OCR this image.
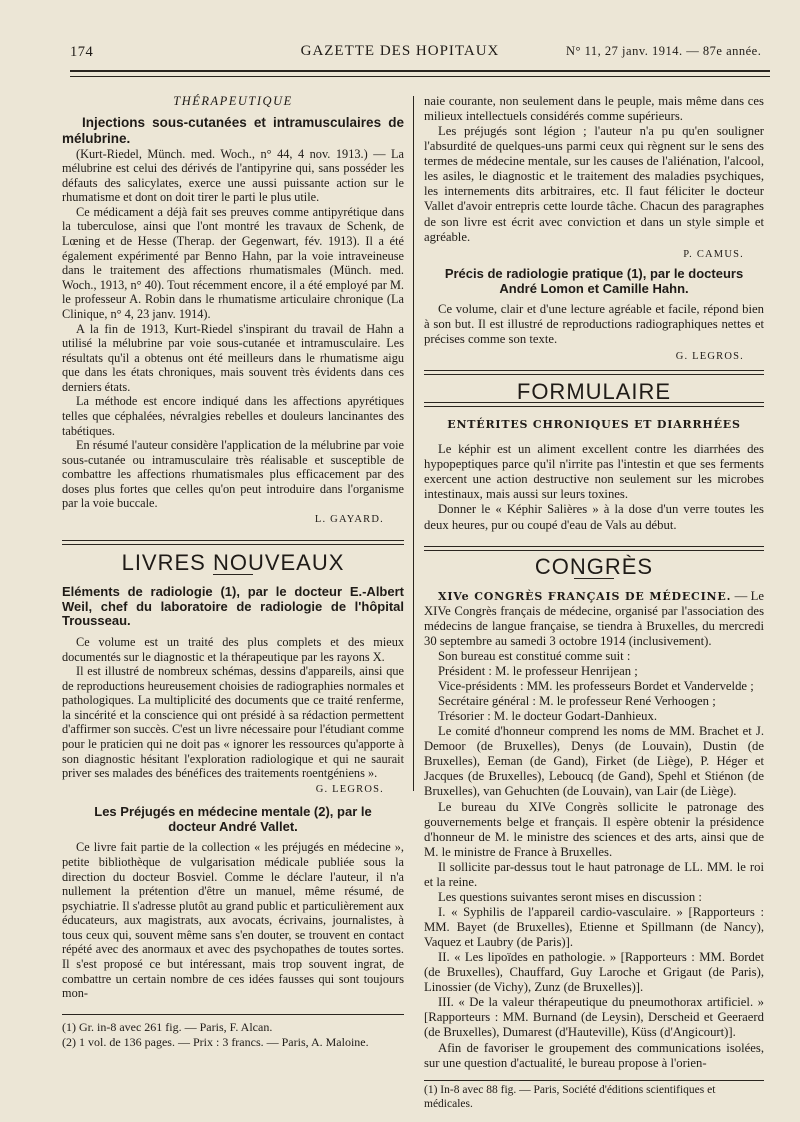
174	GAZETTE DES HOPITAUX	N° 11, 27 janv. 1914. — 87e année.
THÉRAPEUTIQUE

Injections sous-cutanées et intramusculaires de mélubrine.

(Kurt-Riedel, Münch. med. Woch., n° 44, 4 nov. 1913.) — La mélubrine est celui des dérivés de l'antipyrine qui, sans posséder les défauts des salicylates, exerce une aussi puissante action sur le rhumatisme et dont on doit tirer le parti le plus utile.

Ce médicament a déjà fait ses preuves comme antipyrétique dans la tuberculose, ainsi que l'ont montré les travaux de Schenk, de Lœning et de Hesse (Therap. der Gegenwart, fév. 1913). Il a été également expérimenté par Benno Hahn, par la voie intraveineuse dans le traitement des affections rhumatismales (Münch. med. Woch., 1913, n° 40). Tout récemment encore, il a été employé par M. le professeur A. Robin dans le rhumatisme articulaire chronique (La Clinique, n° 4, 23 janv. 1914).

A la fin de 1913, Kurt-Riedel s'inspirant du travail de Hahn a utilisé la mélubrine par voie sous-cutanée et intramusculaire. Les résultats qu'il a obtenus ont été meilleurs dans le rhumatisme aigu que dans les états chroniques, mais souvent très évidents dans ces derniers états.

La méthode est encore indiqué dans les affections apyrétiques telles que céphalées, névralgies rebelles et douleurs lancinantes des tabétiques.

En résumé l'auteur considère l'application de la mélubrine par voie sous-cutanée ou intramusculaire très réalisable et susceptible de combattre les affections rhumatismales plus efficacement par des doses plus fortes que celles qu'on peut introduire dans l'organisme par la voie buccale.

L. GAYARD.
LIVRES NOUVEAUX

Eléments de radiologie (1), par le docteur E.-Albert Weil, chef du laboratoire de radiologie de l'hôpital Trousseau.

Ce volume est un traité des plus complets et des mieux documentés sur le diagnostic et la thérapeutique par les rayons X.

Il est illustré de nombreux schémas, dessins d'appareils, ainsi que de reproductions heureusement choisies de radiographies normales et pathologiques. La multiplicité des documents que ce traité renferme, la sincérité et la conscience qui ont présidé à sa rédaction permettent d'affirmer son succès. C'est un livre nécessaire pour l'étudiant comme pour le praticien qui ne doit pas « ignorer les ressources qu'apporte à son diagnostic hésitant l'exploration radiologique et qui ne saurait priver ses malades des bénéfices des traitements roentgéniens ».

G. LEGROS.

Les Préjugés en médecine mentale (2), par le docteur André Vallet.

Ce livre fait partie de la collection « les préjugés en médecine », petite bibliothèque de vulgarisation médicale publiée sous la direction du docteur Bosviel. Comme le déclare l'auteur, il n'a nullement la prétention d'être un manuel, même résumé, de psychiatrie. Il s'adresse plutôt au grand public et particulièrement aux éducateurs, aux magistrats, aux avocats, écrivains, journalistes, à tous ceux qui, souvent même sans s'en douter, se trouvent en contact répété avec des anormaux et avec des psychopathes de toutes sortes. Il s'est proposé ce but intéressant, mais trop souvent ingrat, de combattre un certain nombre de ces idées fausses qui sont toujours mon-

(1) Gr. in-8 avec 261 fig. — Paris, F. Alcan.
(2) 1 vol. de 136 pages. — Prix : 3 francs. — Paris, A. Maloine.

naie courante, non seulement dans le peuple, mais même dans ces milieux intellectuels considérés comme supérieurs.

Les préjugés sont légion ; l'auteur n'a pu qu'en souligner l'absurdité de quelques-uns parmi ceux qui règnent sur le sens des termes de médecine mentale, sur les causes de l'aliénation, l'alcool, les asiles, le diagnostic et le traitement des maladies psychiques, les internements dits arbitraires, etc. Il faut féliciter le docteur Vallet d'avoir entrepris cette lourde tâche. Chacun des paragraphes de son livre est écrit avec conviction et dans un style simple et agréable.

P. CAMUS.

Précis de radiologie pratique (1), par le docteurs André Lomon et Camille Hahn.

Ce volume, clair et d'une lecture agréable et facile, répond bien à son but. Il est illustré de reproductions radiographiques nettes et précises comme son texte.

G. LEGROS.
FORMULAIRE
ENTÉRITES CHRONIQUES ET DIARRHÉES

Le képhir est un aliment excellent contre les diarrhées des hypopeptiques parce qu'il n'irrite pas l'intestin et que ses ferments exercent une action destructive non seulement sur les microbes intestinaux, mais aussi sur leurs toxines.

Donner le « Képhir Salières » à la dose d'un verre toutes les deux heures, pur ou coupé d'eau de Vals au début.

CONGRÈS

XIVe CONGRÈS FRANÇAIS DE MÉDECINE. — Le XIVe Congrès français de médecine, organisé par l'association des médecins de langue française, se tiendra à Bruxelles, du mercredi 30 septembre au samedi 3 octobre 1914 (inclusivement).

Son bureau est constitué comme suit :

Président : M. le professeur Henrijean ;

Vice-présidents : MM. les professeurs Bordet et Vandervelde ;

Secrétaire général : M. le professeur René Verhoogen ;

Trésorier : M. le docteur Godart-Danhieux.

Le comité d'honneur comprend les noms de MM. Brachet et J. Demoor (de Bruxelles), Denys (de Louvain), Dustin (de Bruxelles), Eeman (de Gand), Firket (de Liège), P. Héger et Jacques (de Bruxelles), Leboucq (de Gand), Spehl et Stiénon (de Bruxelles), van Gehuchten (de Louvain), van Lair (de Liège).

Le bureau du XIVe Congrès sollicite le patronage des gouvernements belge et français. Il espère obtenir la présidence d'honneur de M. le ministre des sciences et des arts, ainsi que de M. le ministre de France à Bruxelles.

Il sollicite par-dessus tout le haut patronage de LL. MM. le roi et la reine.

Les questions suivantes seront mises en discussion :

I. « Syphilis de l'appareil cardio-vasculaire. » [Rapporteurs : MM. Bayet (de Bruxelles), Etienne et Spillmann (de Nancy), Vaquez et Laubry (de Paris)].

II. « Les lipoïdes en pathologie. » [Rapporteurs : MM. Bordet (de Bruxelles), Chauffard, Guy Laroche et Grigaut (de Paris), Linossier (de Vichy), Zunz (de Bruxelles)].

III. « De la valeur thérapeutique du pneumothorax artificiel. » [Rapporteurs : MM. Burnand (de Leysin), Derscheid et Geeraerd (de Bruxelles), Dumarest (d'Hauteville), Küss (d'Angicourt)].

Afin de favoriser le groupement des communications isolées, sur une question d'actualité, le bureau propose à l'orien-

(1) In-8 avec 88 fig. — Paris, Société d'éditions scientifiques et médicales.
